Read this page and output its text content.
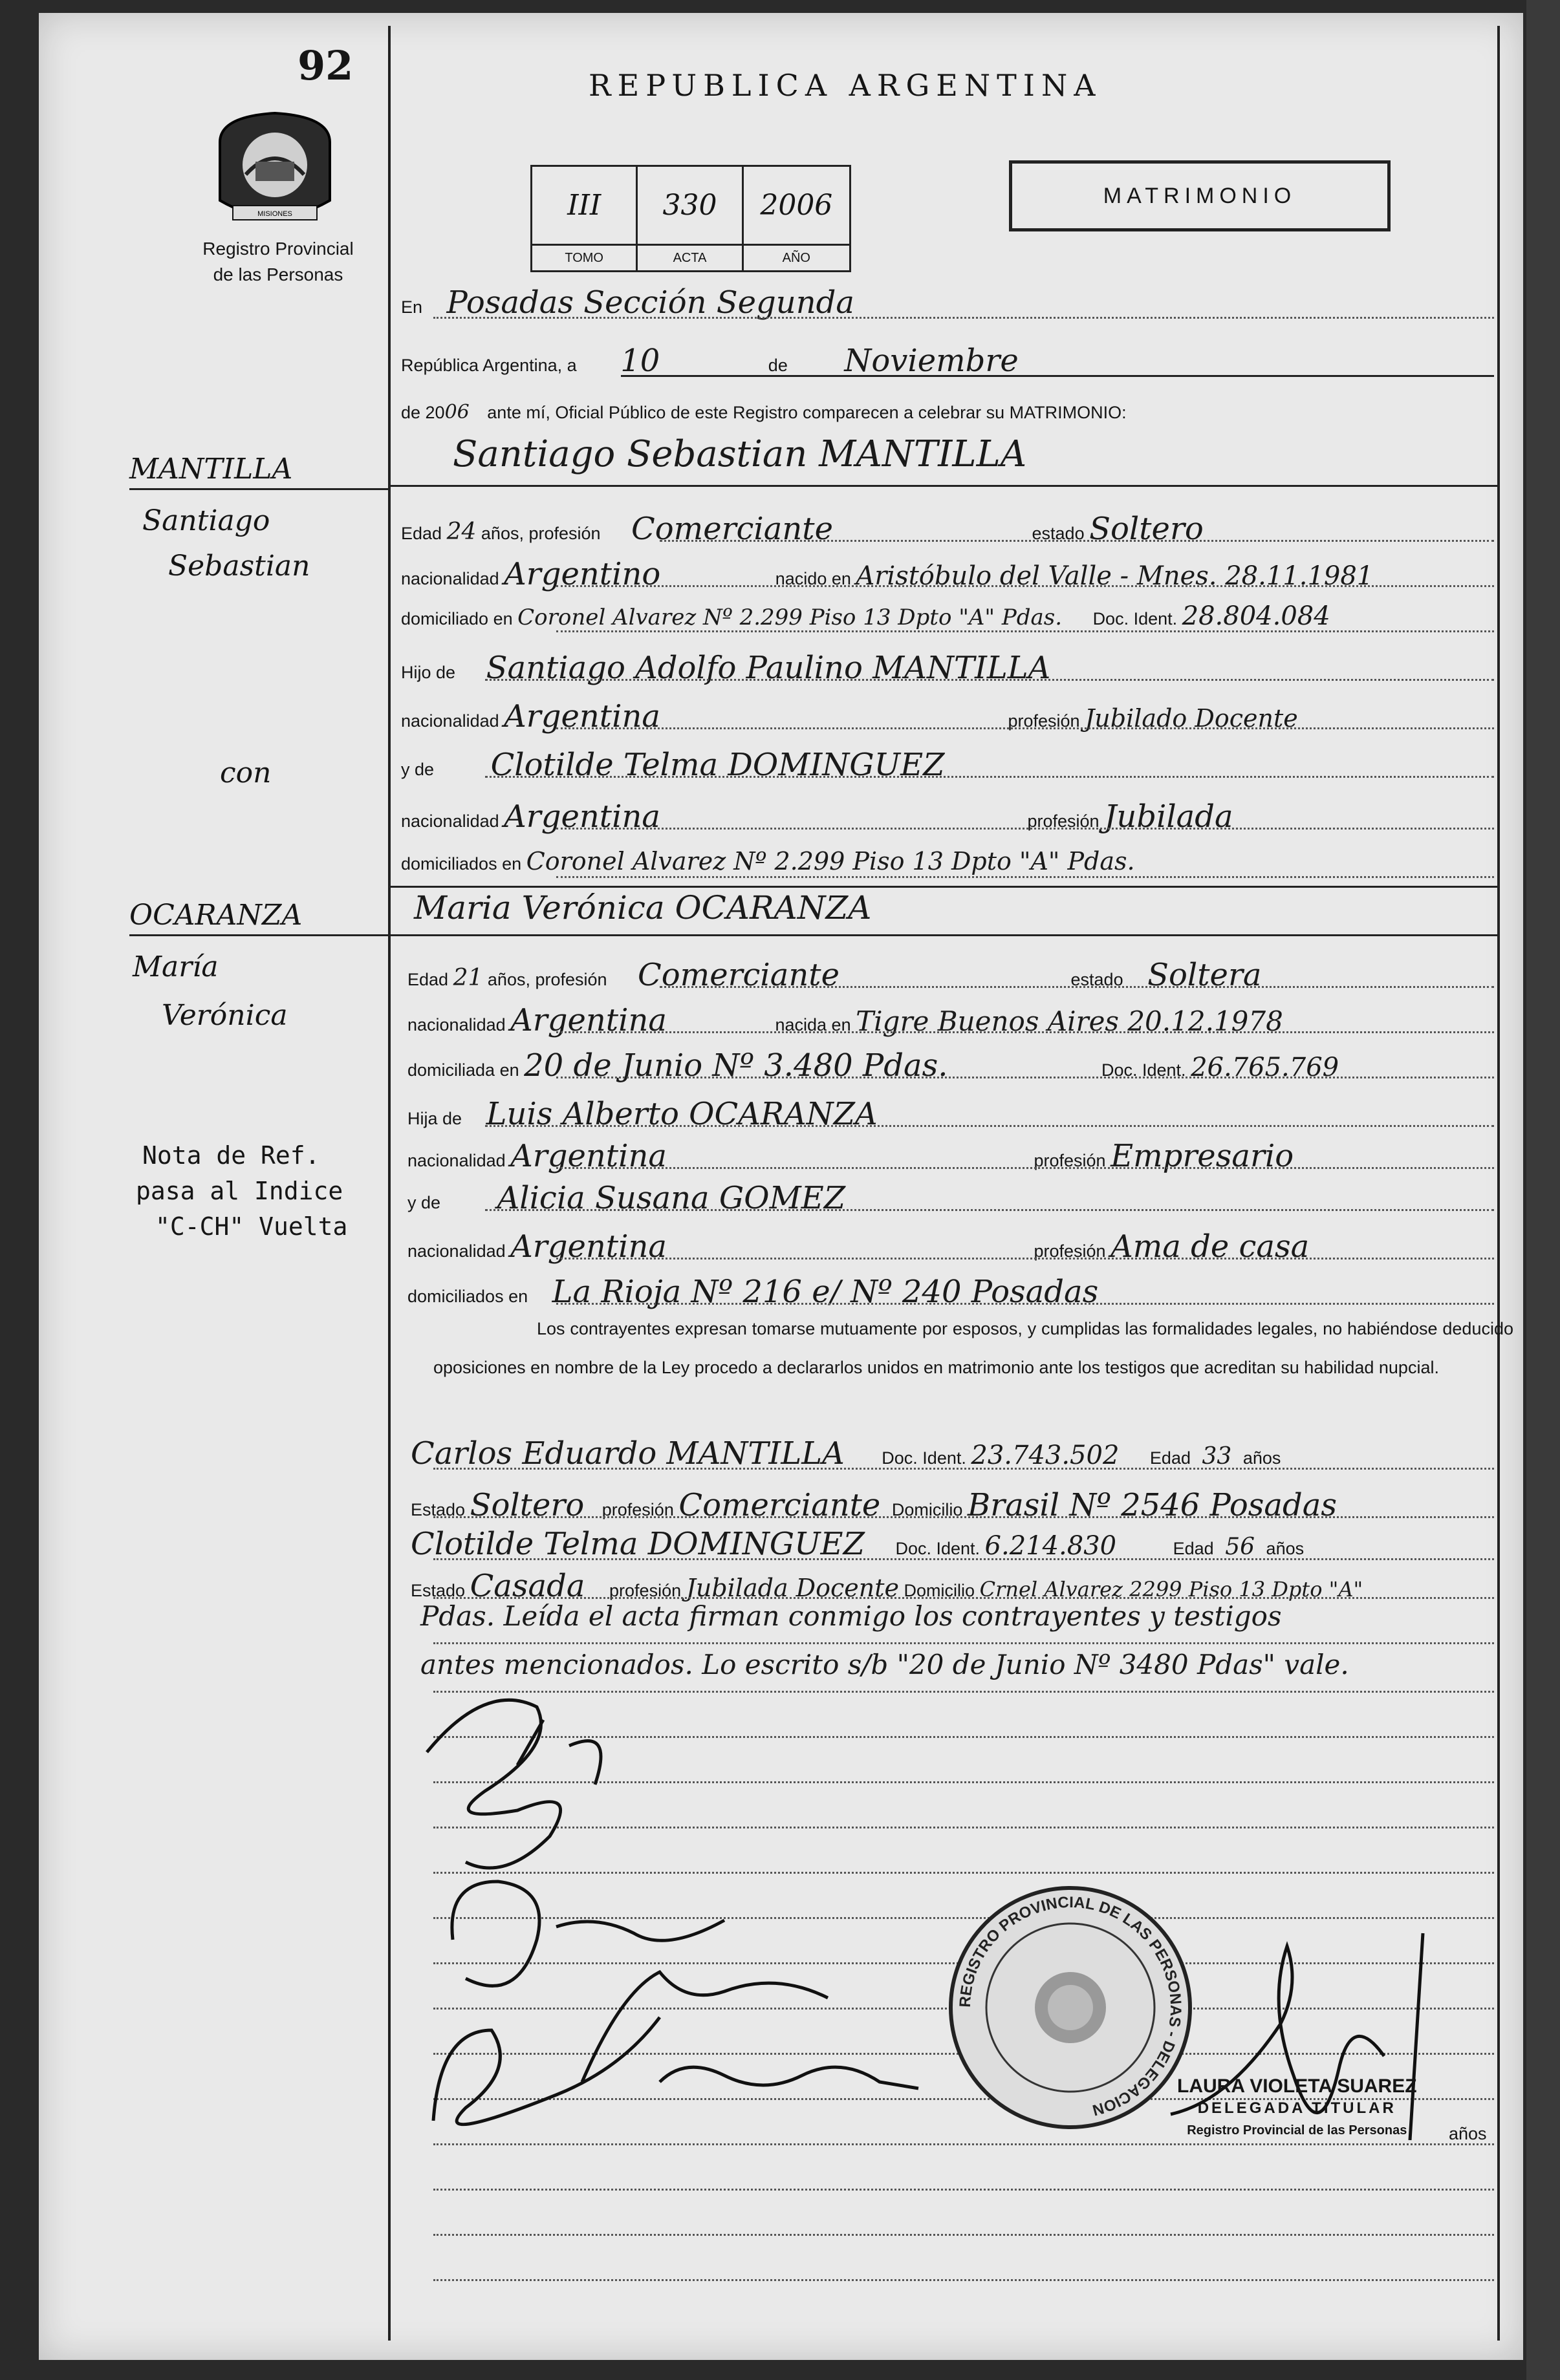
92
MISIONES
Registro Provincial
de las Personas
REPUBLICA ARGENTINA
III	330	2006
TOMO	ACTA	AÑO
MATRIMONIO
En Posadas Sección Segunda
República Argentina, a 10	de Noviembre
de 2006 ante mí, Oficial Público de este Registro comparecen a celebrar su MATRIMONIO:
Santiago Sebastian MANTILLA
Edad 24 años, profesión Comerciante	estado Soltero
nacionalidad Argentino	nacido en Aristóbulo del Valle - Mnes. 28.11.1981
domiciliado en Coronel Alvarez Nº 2.299 Piso 13 Dpto "A" Pdas. Doc. Ident. 28.804.084
Hijo de Santiago Adolfo Paulino MANTILLA
nacionalidad Argentina	profesión Jubilado Docente
y de Clotilde Telma DOMINGUEZ
nacionalidad Argentina	profesión Jubilada
domiciliados en Coronel Alvarez Nº 2.299 Piso 13 Dpto "A" Pdas.
Maria Verónica OCARANZA
Edad 21 años, profesión Comerciante	estado Soltera
nacionalidad Argentina	nacida en Tigre Buenos Aires 20.12.1978
domiciliada en 20 de Junio Nº 3.480 Pdas.	Doc. Ident. 26.765.769
Hija de Luis Alberto OCARANZA
nacionalidad Argentina	profesión Empresario
y de Alicia Susana GOMEZ
nacionalidad Argentina	profesión Ama de casa
domiciliados en La Rioja Nº 216 e/ Nº 240 Posadas
Los contrayentes expresan tomarse mutuamente por esposos, y cumplidas las formalidades legales, no habiéndose deducido oposiciones en nombre de la Ley procedo a declararlos unidos en matrimonio ante los testigos que acreditan su habilidad nupcial.
Carlos Eduardo MANTILLA Doc. Ident. 23.743.502 Edad 33 años
Estado Soltero profesión Comerciante Domicilio Brasil Nº 2546 Posadas
Clotilde Telma DOMINGUEZ Doc. Ident. 6.214.830	Edad 56 años
Estado Casada profesión Jubilada Docente Domicilio Crnel Alvarez 2299 Piso 13 Dpto "A"
Pdas. Leída el acta firman conmigo los contrayentes y testigos
antes mencionados. Lo escrito s/b "20 de Junio Nº 3480 Pdas" vale.
años
MANTILLA
Santiago
Sebastian
con
OCARANZA
María
Verónica
Nota de Ref.
pasa al Indice
"C-CH" Vuelta
REGISTRO PROVINCIAL DE LAS PERSONAS - DELEGACION
LAURA VIOLETA SUAREZ
DELEGADA TITULAR
Registro Provincial de las Personas
